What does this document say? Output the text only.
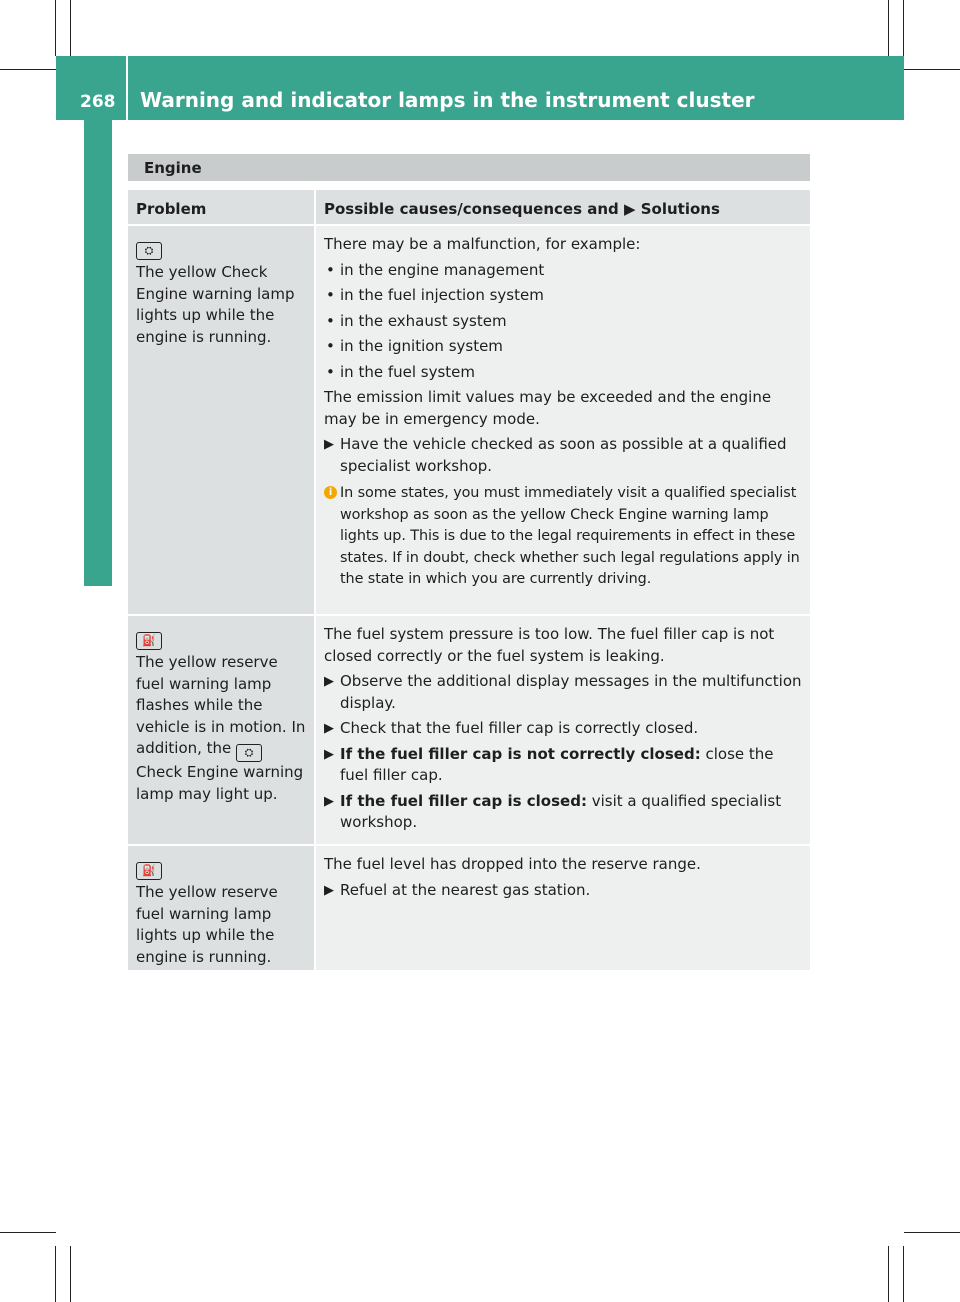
268 Warning and indicator lamps in the instrument cluster
On-board computer and displays	Engine
Problem	Possible causes/consequences and ▶ Solutions
⛭
The yellow Check Engine warning lamp lights up while the engine is running.

There may be a malfunction, for example:

• in the engine management

• in the fuel injection system

• in the exhaust system

• in the ignition system

• in the fuel system

The emission limit values may be exceeded and the engine may be in emergency mode.

▶ Have the vehicle checked as soon as possible at a qualified specialist workshop.

i In some states, you must immediately visit a qualified specialist workshop as soon as the yellow Check Engine warning lamp lights up. This is due to the legal requirements in effect in these states. If in doubt, check whether such legal regulations apply in the state in which you are currently driving.

⛽
The yellow reserve fuel warning lamp flashes while the vehicle is in motion. In addition, the ⛭ Check Engine warning lamp may light up.

The fuel system pressure is too low. The fuel filler cap is not closed correctly or the fuel system is leaking.

▶ Observe the additional display messages in the multifunction display.

▶ Check that the fuel filler cap is correctly closed.

▶ If the fuel filler cap is not correctly closed: close the fuel filler cap.

▶ If the fuel filler cap is closed: visit a qualified specialist workshop.

⛽
The yellow reserve fuel warning lamp lights up while the engine is running.

The fuel level has dropped into the reserve range.

▶ Refuel at the nearest gas station.
